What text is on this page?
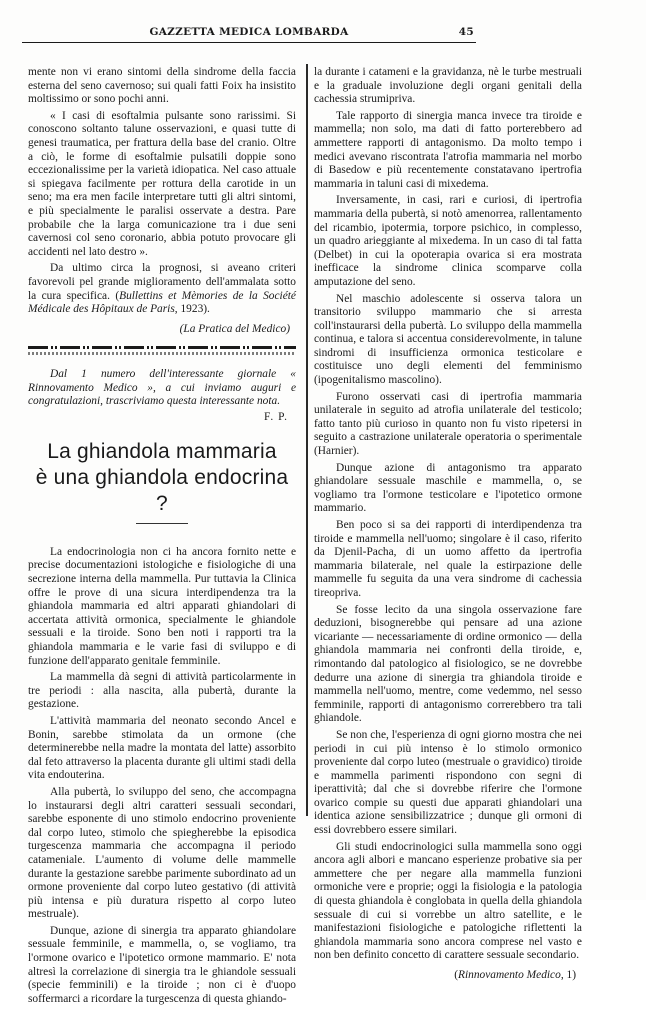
GAZZETTA MEDICA LOMBARDA	45

mente non vi erano sintomi della sindrome della faccia esterna del seno cavernoso; sui quali fatti Foix ha insistito moltissimo or sono pochi anni.

« I casi di esoftalmia pulsante sono rarissimi. Si conoscono soltanto talune osservazioni, e quasi tutte di genesi traumatica, per frattura della base del cranio. Oltre a ciò, le forme di esoftalmie pulsatili doppie sono eccezionalissime per la varietà idiopatica. Nel caso attuale si spiegava facilmente per rottura della carotide in un seno; ma era men facile interpretare tutti gli altri sintomi, e più specialmente le paralisi osservate a destra. Pare probabile che la larga comunicazione tra i due seni cavernosi col seno coronario, abbia potuto provocare gli accidenti nel lato destro ».

Da ultimo circa la prognosi, si aveano criteri favorevoli pel grande miglioramento dell'ammalata sotto la cura specifica. (Bullettins et Mèmories de la Société Médicale des Hôpitaux de Paris, 1923).

(La Pratica del Medico)

Dal 1 numero dell'interessante giornale « Rinnovamento Medico », a cui inviamo auguri e congratulazioni, trascriviamo questa interessante nota.

F. P.
La ghiandola mammaria
è una ghiandola endocrina ?

La endocrinologia non ci ha ancora fornito nette e precise documentazioni istologiche e fisiologiche di una secrezione interna della mammella. Pur tuttavia la Clinica offre le prove di una sicura interdipendenza tra la ghiandola mammaria ed altri apparati ghiandolari di accertata attività ormonica, specialmente le ghiandole sessuali e la tiroide. Sono ben noti i rapporti tra la ghiandola mammaria e le varie fasi di sviluppo e di funzione dell'apparato genitale femminile.

La mammella dà segni di attività particolarmente in tre periodi : alla nascita, alla pubertà, durante la gestazione.

L'attività mammaria del neonato secondo Ancel e Bonin, sarebbe stimolata da un ormone (che determinerebbe nella madre la montata del latte) assorbito dal feto attraverso la placenta durante gli ultimi stadi della vita endouterina.

Alla pubertà, lo sviluppo del seno, che accompagna lo instaurarsi degli altri caratteri sessuali secondari, sarebbe esponente di uno stimolo endocrino proveniente dal corpo luteo, stimolo che spiegherebbe la episodica turgescenza mammaria che accompagna il periodo catameniale. L'aumento di volume delle mammelle durante la gestazione sarebbe parimente subordinato ad un ormone proveniente dal corpo luteo gestativo (di attività più intensa e più duratura rispetto al corpo luteo mestruale).

Dunque, azione di sinergia tra apparato ghiandolare sessuale femminile, e mammella, o, se vogliamo, tra l'ormone ovarico e l'ipotetico ormone mammario. E' nota altresì la correlazione di sinergia tra le ghiandole sessuali (specie femminili) e la tiroide ; non ci è d'uopo soffermarci a ricordare la turgescenza di questa ghiando-

la durante i catameni e la gravidanza, nè le turbe mestruali e la graduale involuzione degli organi genitali della cachessia strumipriva.

Tale rapporto di sinergia manca invece tra tiroide e mammella; non solo, ma dati di fatto porterebbero ad ammettere rapporti di antagonismo. Da molto tempo i medici avevano riscontrata l'atrofia mammaria nel morbo di Basedow e più recentemente constatavano ipertrofia mammaria in taluni casi di mixedema.

Inversamente, in casi, rari e curiosi, di ipertrofia mammaria della pubertà, si notò amenorrea, rallentamento del ricambio, ipotermia, torpore psichico, in complesso, un quadro arieggiante al mixedema. In un caso di tal fatta (Delbet) in cui la opoterapia ovarica si era mostrata inefficace la sindrome clinica scomparve colla amputazione del seno.

Nel maschio adolescente si osserva talora un transitorio sviluppo mammario che si arresta coll'instaurarsi della pubertà. Lo sviluppo della mammella continua, e talora si accentua considerevolmente, in talune sindromi di insufficienza ormonica testicolare e costituisce uno degli elementi del femminismo (ipogenitalismo mascolino).

Furono osservati casi di ipertrofia mammaria unilaterale in seguito ad atrofia unilaterale del testicolo; fatto tanto più curioso in quanto non fu visto ripetersi in seguito a castrazione unilaterale operatoria o sperimentale (Harnier).

Dunque azione di antagonismo tra apparato ghiandolare sessuale maschile e mammella, o, se vogliamo tra l'ormone testicolare e l'ipotetico ormone mammario.

Ben poco si sa dei rapporti di interdipendenza tra tiroide e mammella nell'uomo; singolare è il caso, riferito da Djenil-Pacha, di un uomo affetto da ipertrofia mammaria bilaterale, nel quale la estirpazione delle mammelle fu seguita da una vera sindrome di cachessia tireopriva.

Se fosse lecito da una singola osservazione fare deduzioni, bisognerebbe qui pensare ad una azione vicariante — necessariamente di ordine ormonico — della ghiandola mammaria nei confronti della tiroide, e, rimontando dal patologico al fisiologico, se ne dovrebbe dedurre una azione di sinergia tra ghiandola tiroide e mammella nell'uomo, mentre, come vedemmo, nel sesso femminile, rapporti di antagonismo correrebbero tra tali ghiandole.

Se non che, l'esperienza di ogni giorno mostra che nei periodi in cui più intenso è lo stimolo ormonico proveniente dal corpo luteo (mestruale o gravidico) tiroide e mammella parimenti rispondono con segni di iperattività; dal che si dovrebbe riferire che l'ormone ovarico compie su questi due apparati ghiandolari una identica azione sensibilizzatrice ; dunque gli ormoni di essi dovrebbero essere similari.

Gli studi endocrinologici sulla mammella sono oggi ancora agli albori e mancano esperienze probative sia per ammettere che per negare alla mammella funzioni ormoniche vere e proprie; oggi la fisiologia e la patologia di questa ghiandola è conglobata in quella della ghiandola sessuale di cui si vorrebbe un altro satellite, e le manifestazioni fisiologiche e patologiche riflettenti la ghiandola mammaria sono ancora comprese nel vasto e non ben definito concetto di carattere sessuale secondario.

(Rinnovamento Medico, 1)
